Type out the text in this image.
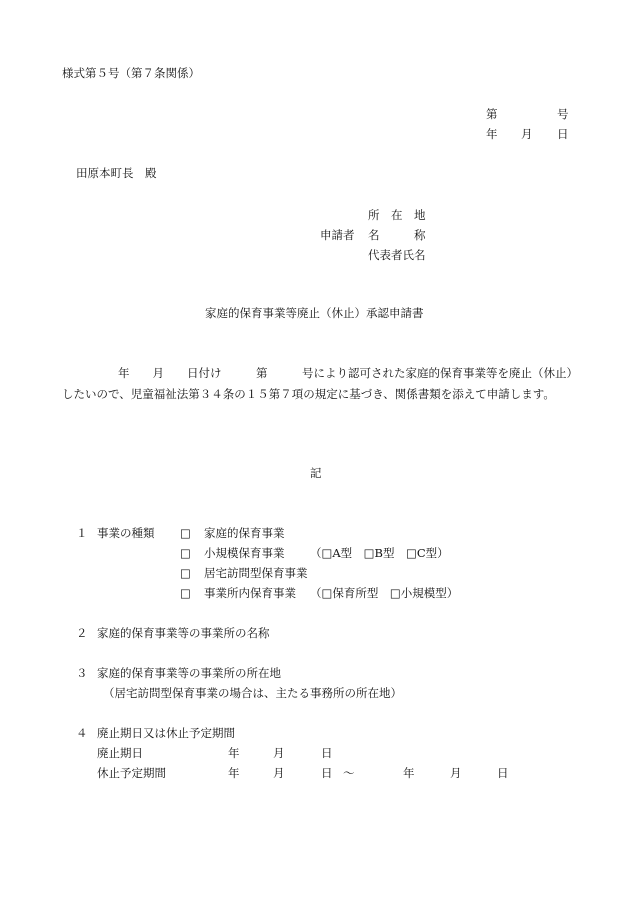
様式第５号（第７条関係）
第	号
年 月 日
田原本町長　殿
所　在　地
申請者 名　　　称
代表者氏名
家庭的保育事業等廃止（休止）承認申請書
年　　月　　日付け　　　第　　　号により認可された家庭的保育事業等を廃止（休止）したいので、児童福祉法第３４条の１５第７項の規定に基づき、関係書類を添えて申請します。
記
１ 事業の種類 □ 家庭的保育事業
□ 小規模保育事業 （□A型　□B型　□C型）
□ 居宅訪問型保育事業
□ 事業所内保育事業 （□保育所型　□小規模型）
２ 家庭的保育事業等の事業所の名称
３ 家庭的保育事業等の事業所の所在地
（居宅訪問型保育事業の場合は、主たる事務所の所在地）
４ 廃止期日又は休止予定期間
廃止期日	年	月	日
休止予定期間	年	月	日 ～	年	月	日
